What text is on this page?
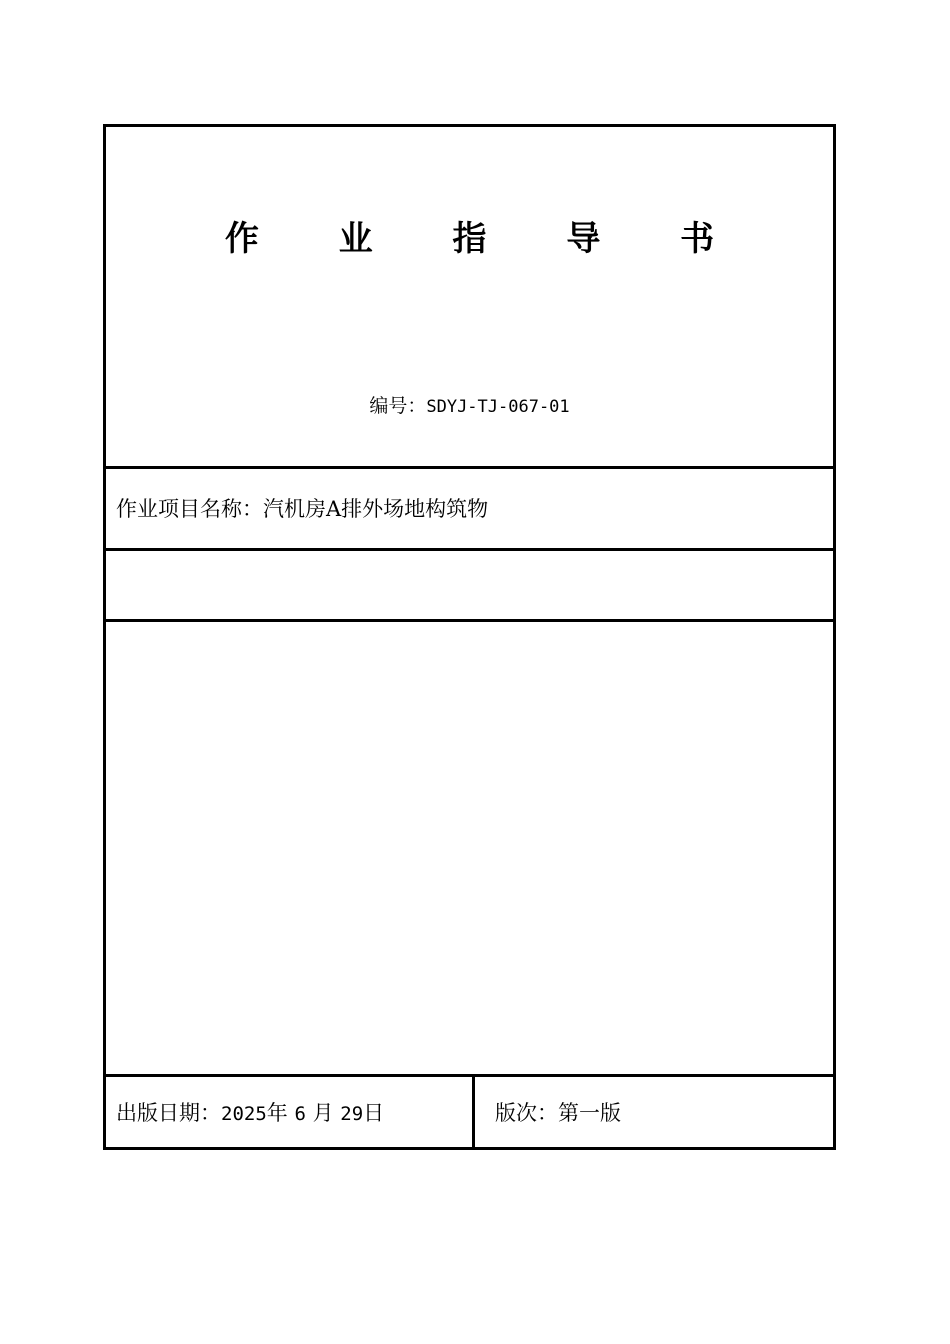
作 业 指 导 书
编号：SDYJ-TJ-067-01
作业项目名称：汽机房A排外场地构筑物
出版日期：2025年 6 月 29日	版次：第一版
